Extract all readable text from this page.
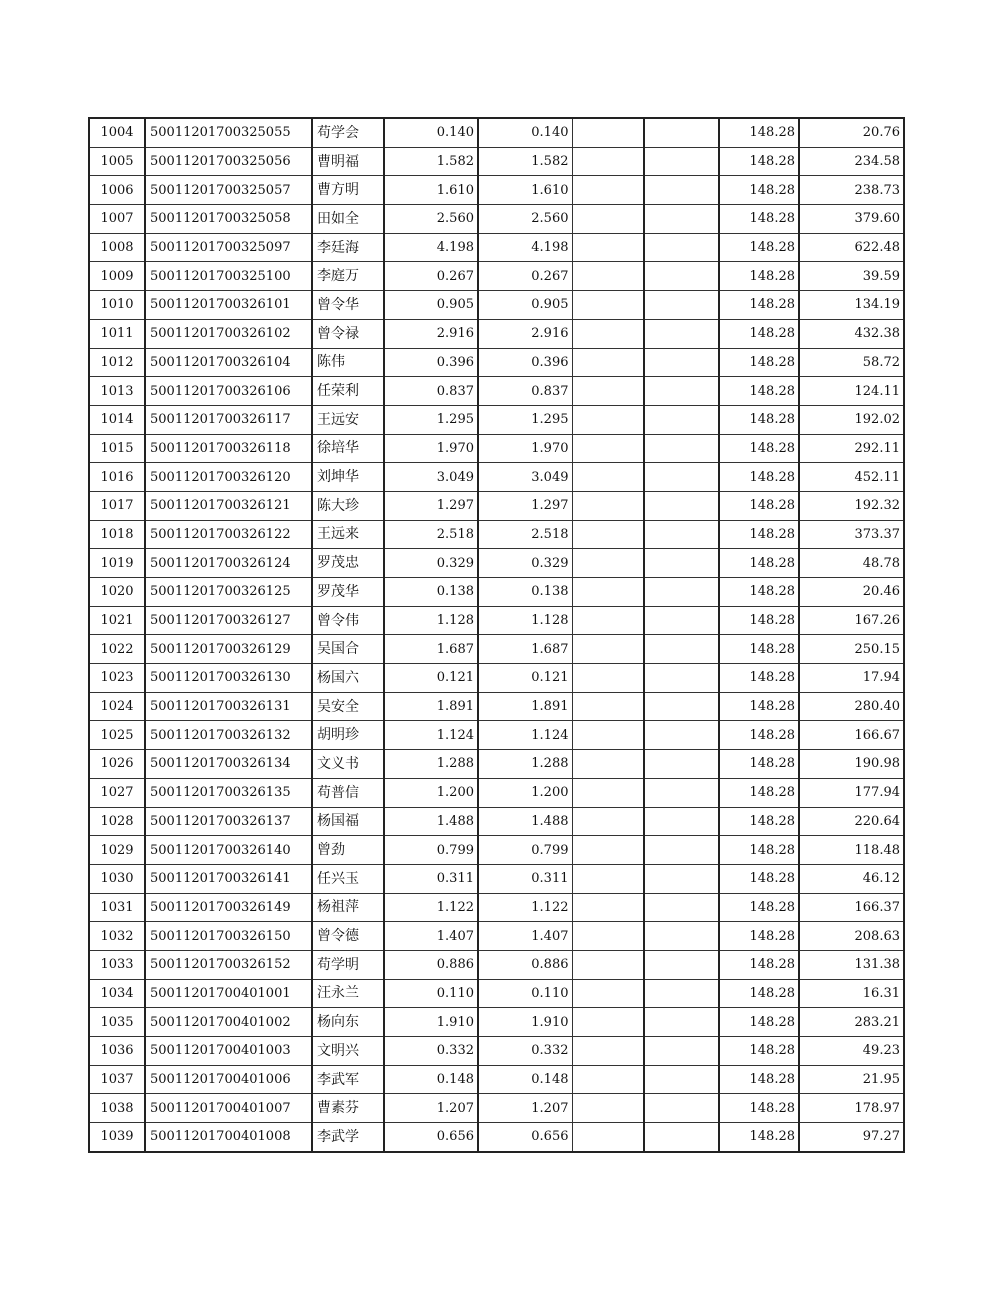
1004	50011201700325055	苟学会	0.140	0.140			148.28	20.76
1005	50011201700325056	曹明福	1.582	1.582			148.28	234.58
1006	50011201700325057	曹方明	1.610	1.610			148.28	238.73
1007	50011201700325058	田如全	2.560	2.560			148.28	379.60
1008	50011201700325097	李廷海	4.198	4.198			148.28	622.48
1009	50011201700325100	李庭万	0.267	0.267			148.28	39.59
1010	50011201700326101	曾令华	0.905	0.905			148.28	134.19
1011	50011201700326102	曾令禄	2.916	2.916			148.28	432.38
1012	50011201700326104	陈伟	0.396	0.396			148.28	58.72
1013	50011201700326106	任荣利	0.837	0.837			148.28	124.11
1014	50011201700326117	王远安	1.295	1.295			148.28	192.02
1015	50011201700326118	徐培华	1.970	1.970			148.28	292.11
1016	50011201700326120	刘坤华	3.049	3.049			148.28	452.11
1017	50011201700326121	陈大珍	1.297	1.297			148.28	192.32
1018	50011201700326122	王远来	2.518	2.518			148.28	373.37
1019	50011201700326124	罗茂忠	0.329	0.329			148.28	48.78
1020	50011201700326125	罗茂华	0.138	0.138			148.28	20.46
1021	50011201700326127	曾令伟	1.128	1.128			148.28	167.26
1022	50011201700326129	吴国合	1.687	1.687			148.28	250.15
1023	50011201700326130	杨国六	0.121	0.121			148.28	17.94
1024	50011201700326131	吴安全	1.891	1.891			148.28	280.40
1025	50011201700326132	胡明珍	1.124	1.124			148.28	166.67
1026	50011201700326134	文义书	1.288	1.288			148.28	190.98
1027	50011201700326135	苟普信	1.200	1.200			148.28	177.94
1028	50011201700326137	杨国福	1.488	1.488			148.28	220.64
1029	50011201700326140	曾劲	0.799	0.799			148.28	118.48
1030	50011201700326141	任兴玉	0.311	0.311			148.28	46.12
1031	50011201700326149	杨祖萍	1.122	1.122			148.28	166.37
1032	50011201700326150	曾令德	1.407	1.407			148.28	208.63
1033	50011201700326152	苟学明	0.886	0.886			148.28	131.38
1034	50011201700401001	汪永兰	0.110	0.110			148.28	16.31
1035	50011201700401002	杨向东	1.910	1.910			148.28	283.21
1036	50011201700401003	文明兴	0.332	0.332			148.28	49.23
1037	50011201700401006	李武军	0.148	0.148			148.28	21.95
1038	50011201700401007	曹素芬	1.207	1.207			148.28	178.97
1039	50011201700401008	李武学	0.656	0.656			148.28	97.27
